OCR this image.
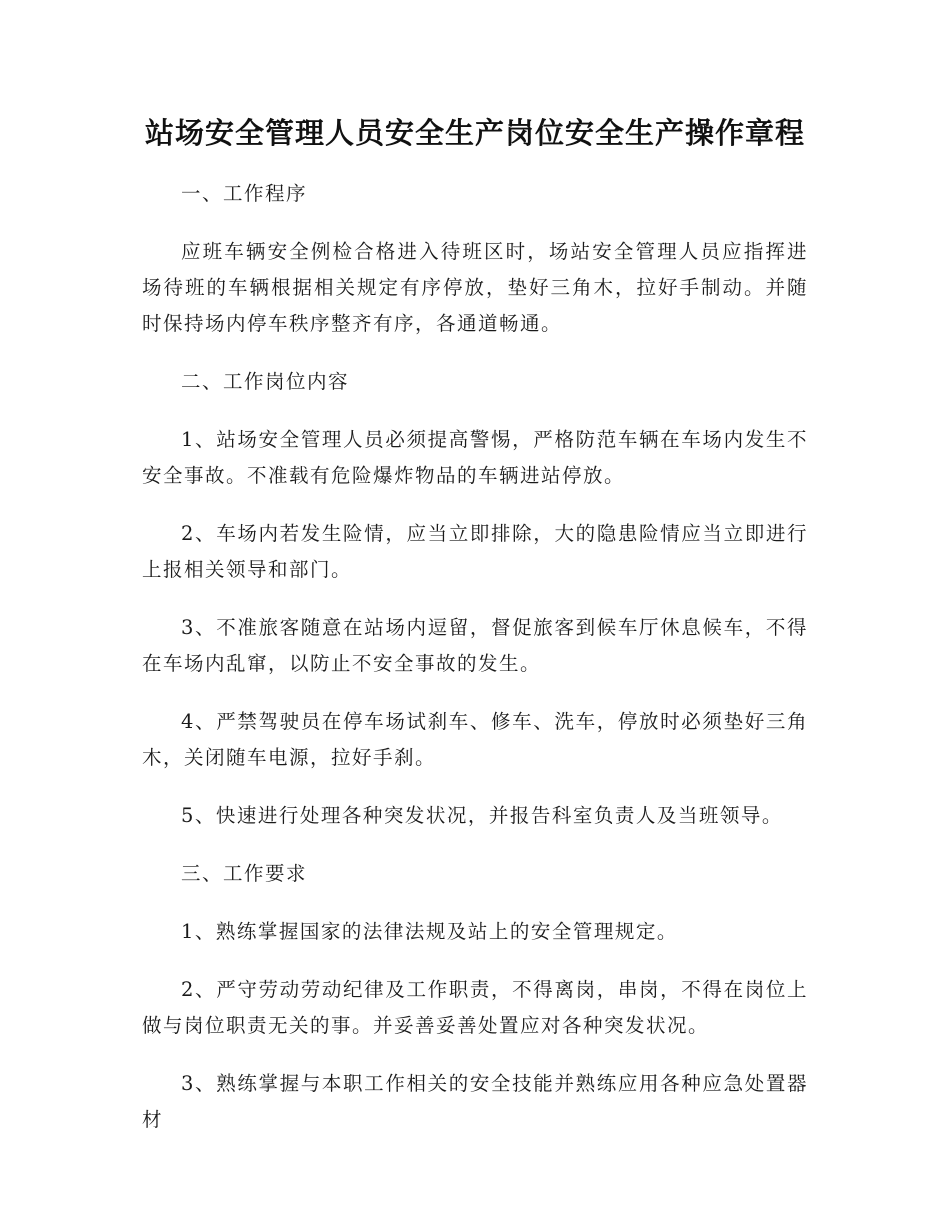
站场安全管理人员安全生产岗位安全生产操作章程

一、工作程序

应班车辆安全例检合格进入待班区时，场站安全管理人员应指挥进场待班的车辆根据相关规定有序停放，垫好三角木，拉好手制动。并随时保持场内停车秩序整齐有序，各通道畅通。

二、工作岗位内容

1、站场安全管理人员必须提高警惕，严格防范车辆在车场内发生不安全事故。不准载有危险爆炸物品的车辆进站停放。

2、车场内若发生险情，应当立即排除，大的隐患险情应当立即进行上报相关领导和部门。

3、不准旅客随意在站场内逗留，督促旅客到候车厅休息候车，不得在车场内乱窜，以防止不安全事故的发生。

4、严禁驾驶员在停车场试刹车、修车、洗车，停放时必须垫好三角木，关闭随车电源，拉好手刹。

5、快速进行处理各种突发状况，并报告科室负责人及当班领导。

三、工作要求

1、熟练掌握国家的法律法规及站上的安全管理规定。

2、严守劳动劳动纪律及工作职责，不得离岗，串岗，不得在岗位上做与岗位职责无关的事。并妥善妥善处置应对各种突发状况。

3、熟练掌握与本职工作相关的安全技能并熟练应用各种应急处置器材
